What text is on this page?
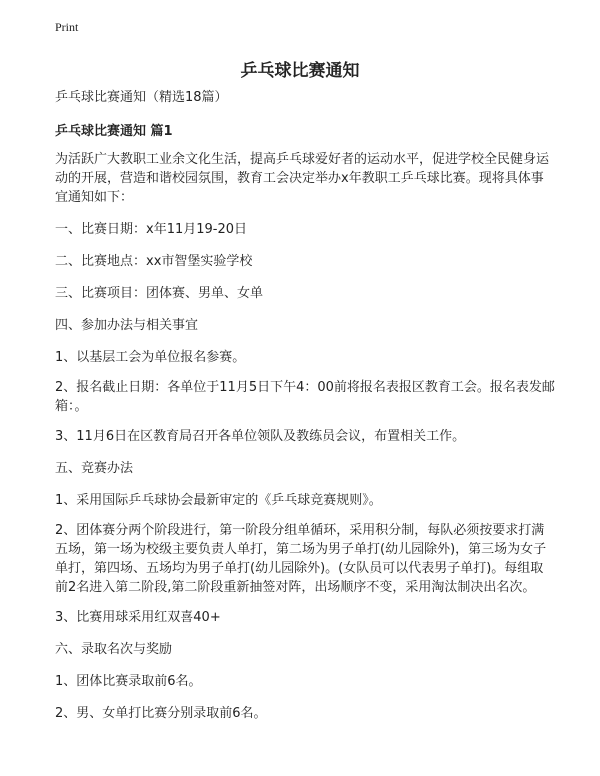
Print
乒乓球比赛通知

乒乓球比赛通知（精选18篇）

乒乓球比赛通知 篇1

为活跃广大教职工业余文化生活，提高乒乓球爱好者的运动水平，促进学校全民健身运动的开展，营造和谐校园氛围，教育工会决定举办x年教职工乒乓球比赛。现将具体事宜通知如下：

一、比赛日期：x年11月19-20日

二、比赛地点：xx市智堡实验学校

三、比赛项目：团体赛、男单、女单

四、参加办法与相关事宜

1、以基层工会为单位报名参赛。

2、报名截止日期：各单位于11月5日下午4：00前将报名表报区教育工会。报名表发邮箱：。

3、11月6日在区教育局召开各单位领队及教练员会议，布置相关工作。

五、竞赛办法

1、采用国际乒乓球协会最新审定的《乒乓球竞赛规则》。

2、团体赛分两个阶段进行，第一阶段分组单循环，采用积分制，每队必须按要求打满五场，第一场为校级主要负责人单打，第二场为男子单打(幼儿园除外)，第三场为女子单打，第四场、五场均为男子单打(幼儿园除外)。(女队员可以代表男子单打)。每组取前2名进入第二阶段,第二阶段重新抽签对阵，出场顺序不变，采用淘汰制决出名次。

3、比赛用球采用红双喜40+

六、录取名次与奖励

1、团体比赛录取前6名。

2、男、女单打比赛分别录取前6名。
